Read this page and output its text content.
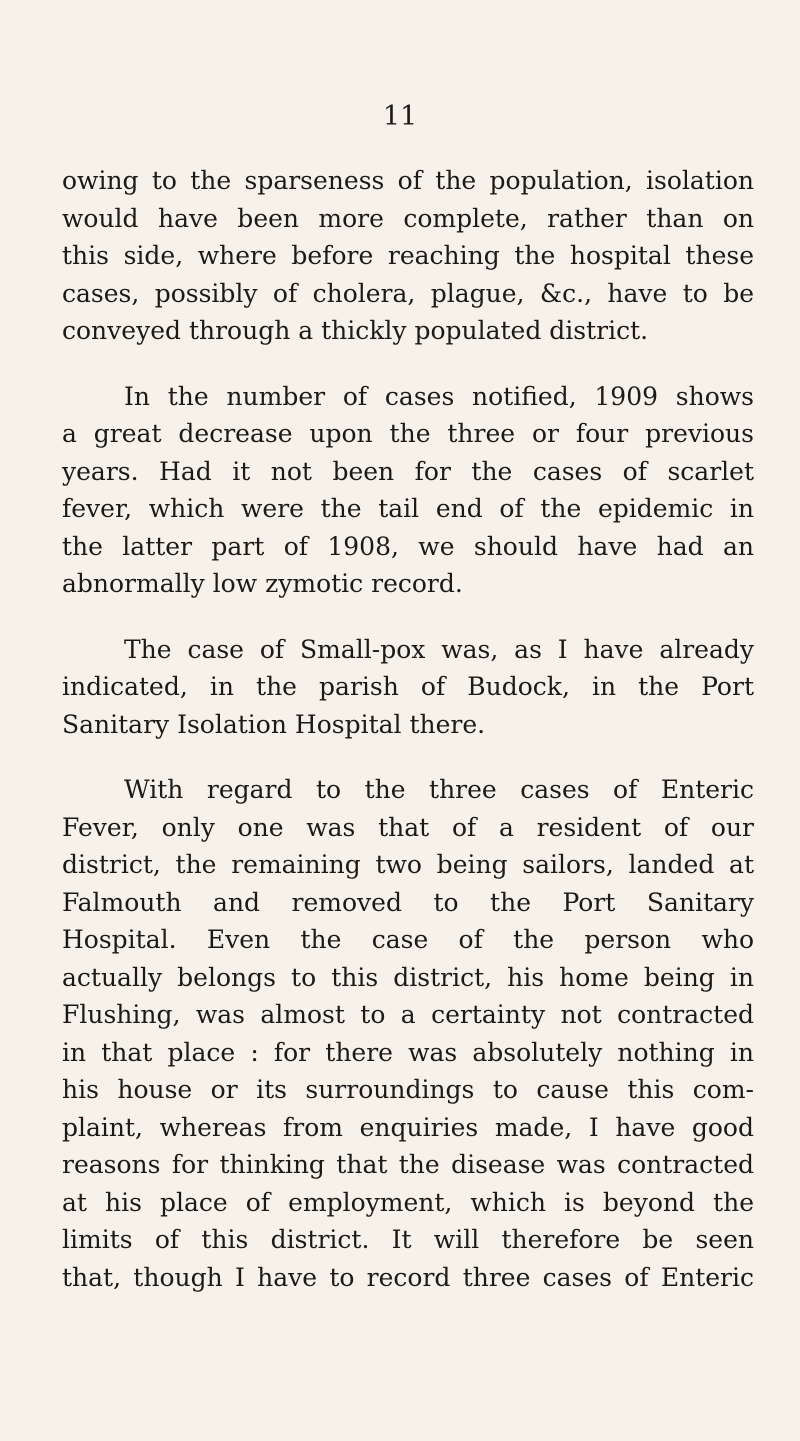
11
owing to the sparseness of the population, isolation
would have been more complete, rather than on
this side, where before reaching the hospital these
cases, possibly of cholera, plague, &c., have to be
conveyed through a thickly populated district.
In the number of cases notified, 1909 shows
a great decrease upon the three or four previous
years. Had it not been for the cases of scarlet
fever, which were the tail end of the epidemic in
the latter part of 1908, we should have had an
abnormally low zymotic record.
The case of Small-pox was, as I have already
indicated, in the parish of Budock, in the Port
Sanitary Isolation Hospital there.
With regard to the three cases of Enteric
Fever, only one was that of a resident of our
district, the remaining two being sailors, landed at
Falmouth and removed to the Port Sanitary
Hospital. Even the case of the person who
actually belongs to this district, his home being in
Flushing, was almost to a certainty not contracted
in that place : for there was absolutely nothing in
his house or its surroundings to cause this com-
plaint, whereas from enquiries made, I have good
reasons for thinking that the disease was contracted
at his place of employment, which is beyond the
limits of this district. It will therefore be seen
that, though I have to record three cases of Enteric
